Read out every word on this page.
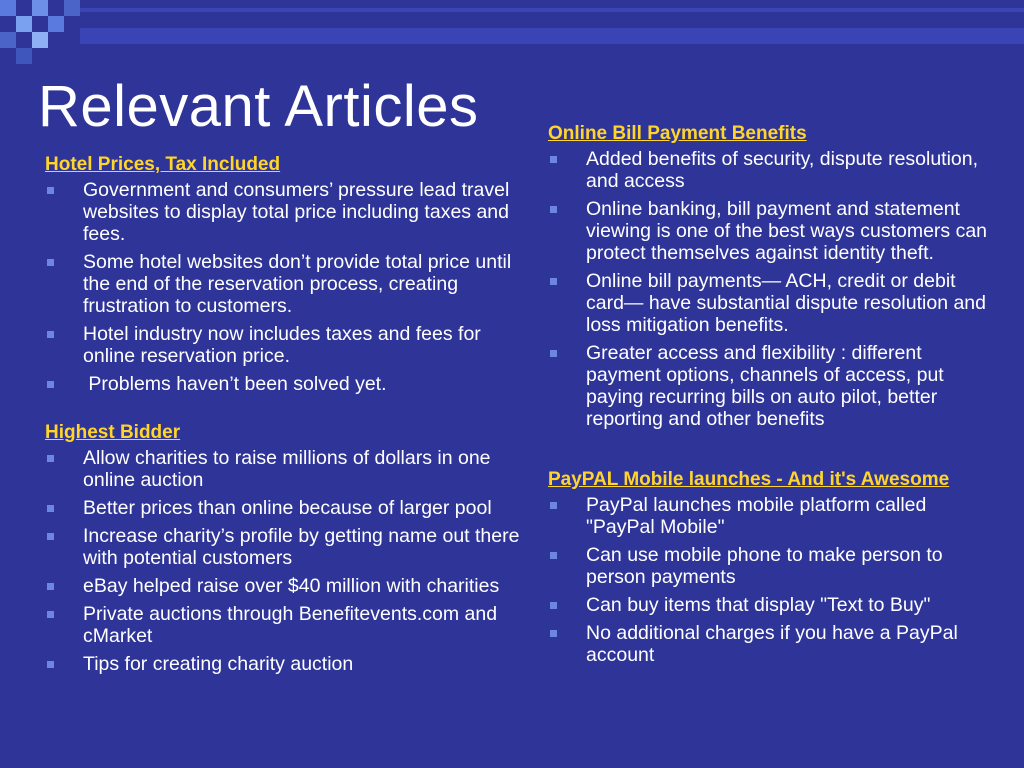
Relevant Articles
Hotel Prices, Tax Included
Government and consumers’ pressure lead travel websites to display total price including taxes and fees.
Some hotel websites don’t provide total price until the end of the reservation process, creating frustration to customers.
Hotel industry now includes taxes and fees for online reservation price.
Problems haven’t been solved yet.
Highest Bidder
Allow charities to raise millions of dollars in one online auction
Better prices than online because of larger pool
Increase charity’s profile by getting name out there with potential customers
eBay helped raise over $40 million with charities
Private auctions through Benefitevents.com and cMarket
Tips for creating charity auction
Online Bill Payment Benefits
Added benefits of security, dispute resolution, and access
Online banking, bill payment and statement viewing is one of the best ways customers can protect themselves against identity theft.
Online bill payments— ACH, credit or debit card— have substantial dispute resolution and loss mitigation benefits.
Greater access and flexibility : different payment options, channels of access, put paying recurring bills on auto pilot, better reporting and other benefits
PayPAL Mobile launches - And it's Awesome
PayPal launches mobile platform called "PayPal Mobile"
Can use mobile phone to make person to person payments
Can buy items that display "Text to Buy"
No additional charges if you have a PayPal account
